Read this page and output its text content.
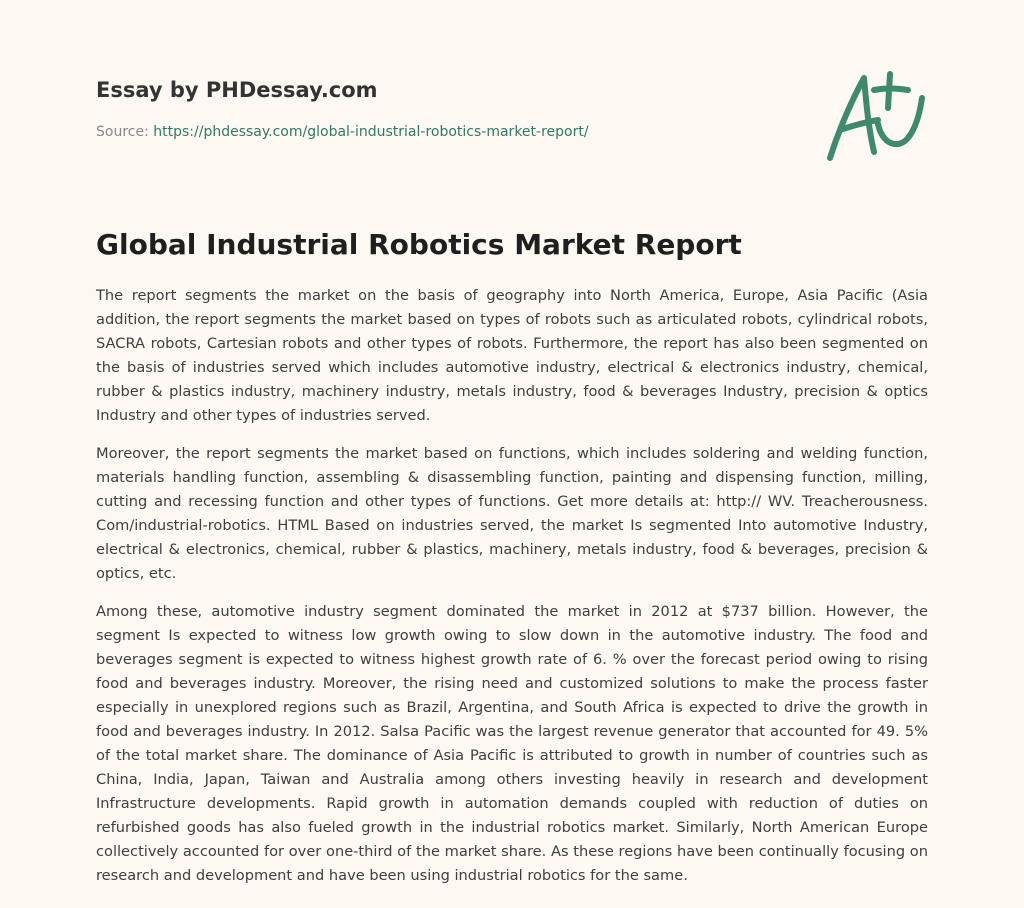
Essay by PHDessay.com
Source: https://phdessay.com/global-industrial-robotics-market-report/
Global Industrial Robotics Market Report

The report segments the market on the basis of geography into North America, Europe, Asia Pacific (Asia addition, the report segments the market based on types of robots such as articulated robots, cylindrical robots, SACRA robots, Cartesian robots and other types of robots. Furthermore, the report has also been segmented on the basis of industries served which includes automotive industry, electrical & electronics industry, chemical, rubber & plastics industry, machinery industry, metals industry, food & beverages Industry, precision & optics Industry and other types of industries served.

Moreover, the report segments the market based on functions, which includes soldering and welding function, materials handling function, assembling & disassembling function, painting and dispensing function, milling, cutting and recessing function and other types of functions. Get more details at: http:// WV. Treacherousness. Com/industrial-robotics. HTML Based on industries served, the market Is segmented Into automotive Industry, electrical & electronics, chemical, rubber & plastics, machinery, metals industry, food & beverages, precision & optics, etc.

Among these, automotive industry segment dominated the market in 2012 at $737 billion. However, the segment Is expected to witness low growth owing to slow down in the automotive industry. The food and beverages segment is expected to witness highest growth rate of 6. % over the forecast period owing to rising food and beverages industry. Moreover, the rising need and customized solutions to make the process faster especially in unexplored regions such as Brazil, Argentina, and South Africa is expected to drive the growth in food and beverages industry. In 2012. Salsa Pacific was the largest revenue generator that accounted for 49. 5% of the total market share. The dominance of Asia Pacific is attributed to growth in number of countries such as China, India, Japan, Taiwan and Australia among others investing heavily in research and development Infrastructure developments. Rapid growth in automation demands coupled with reduction of duties on refurbished goods has also fueled growth in the industrial robotics market. Similarly, North American Europe collectively accounted for over one-third of the market share. As these regions have been continually focusing on research and development and have been using industrial robotics for the same.
